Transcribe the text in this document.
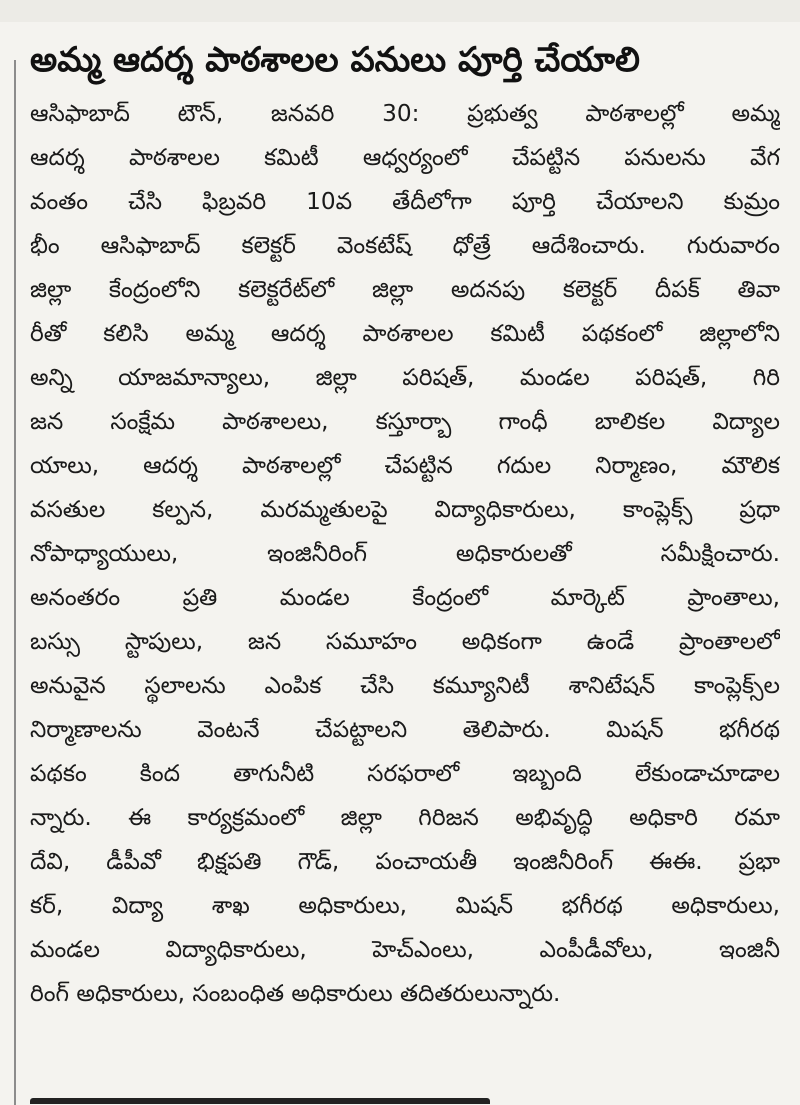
అమ్మ ఆదర్శ పాఠశాలల పనులు పూర్తి చేయాలి
ఆసిఫాబాద్ టౌన్, జనవరి 30: ప్రభుత్వ పాఠశాలల్లో అమ్మ
ఆదర్శ పాఠశాలల కమిటీ ఆధ్వర్యంలో చేపట్టిన పనులను వేగ
వంతం చేసి ఫిబ్రవరి 10వ తేదీలోగా పూర్తి చేయాలని కుమ్రం
భీం ఆసిఫాబాద్ కలెక్టర్ వెంకటేష్ ధోత్రే ఆదేశించారు. గురువారం
జిల్లా కేంద్రంలోని కలెక్టరేట్‌లో జిల్లా అదనపు కలెక్టర్ దీపక్ తివా
రీతో కలిసి అమ్మ ఆదర్శ పాఠశాలల కమిటీ పథకంలో జిల్లాలోని
అన్ని యాజమాన్యాలు, జిల్లా పరిషత్, మండల పరిషత్, గిరి
జన సంక్షేమ పాఠశాలలు, కస్తూర్బా గాంధీ బాలికల విద్యాల
యాలు, ఆదర్శ పాఠశాలల్లో చేపట్టిన గదుల నిర్మాణం, మౌలిక
వసతుల కల్పన, మరమ్మతులపై విద్యాధికారులు, కాంప్లెక్స్ ప్రధా
నోపాధ్యాయులు, ఇంజినీరింగ్ అధికారులతో సమీక్షించారు.
అనంతరం ప్రతి మండల కేంద్రంలో మార్కెట్ ప్రాంతాలు,
బస్సు స్టాపులు, జన సమూహం అధికంగా ఉండే ప్రాంతాలలో
అనువైన స్థలాలను ఎంపిక చేసి కమ్యూనిటీ శానిటేషన్ కాంప్లెక్స్‌ల
నిర్మాణాలను వెంటనే చేపట్టాలని తెలిపారు. మిషన్ భగీరథ
పథకం కింద తాగునీటి సరఫరాలో ఇబ్బంది లేకుండాచూడాల
న్నారు. ఈ కార్యక్రమంలో జిల్లా గిరిజన అభివృద్ధి అధికారి రమా
దేవి, డీపీవో భిక్షపతి గౌడ్, పంచాయతీ ఇంజినీరింగ్ ఈఈ. ప్రభా
కర్, విద్యా శాఖ అధికారులు, మిషన్ భగీరథ అధికారులు,
మండల విద్యాధికారులు, హెచ్‌ఎంలు, ఎంపీడీవోలు, ఇంజినీ
రింగ్ అధికారులు, సంబంధిత అధికారులు తదితరులున్నారు.
